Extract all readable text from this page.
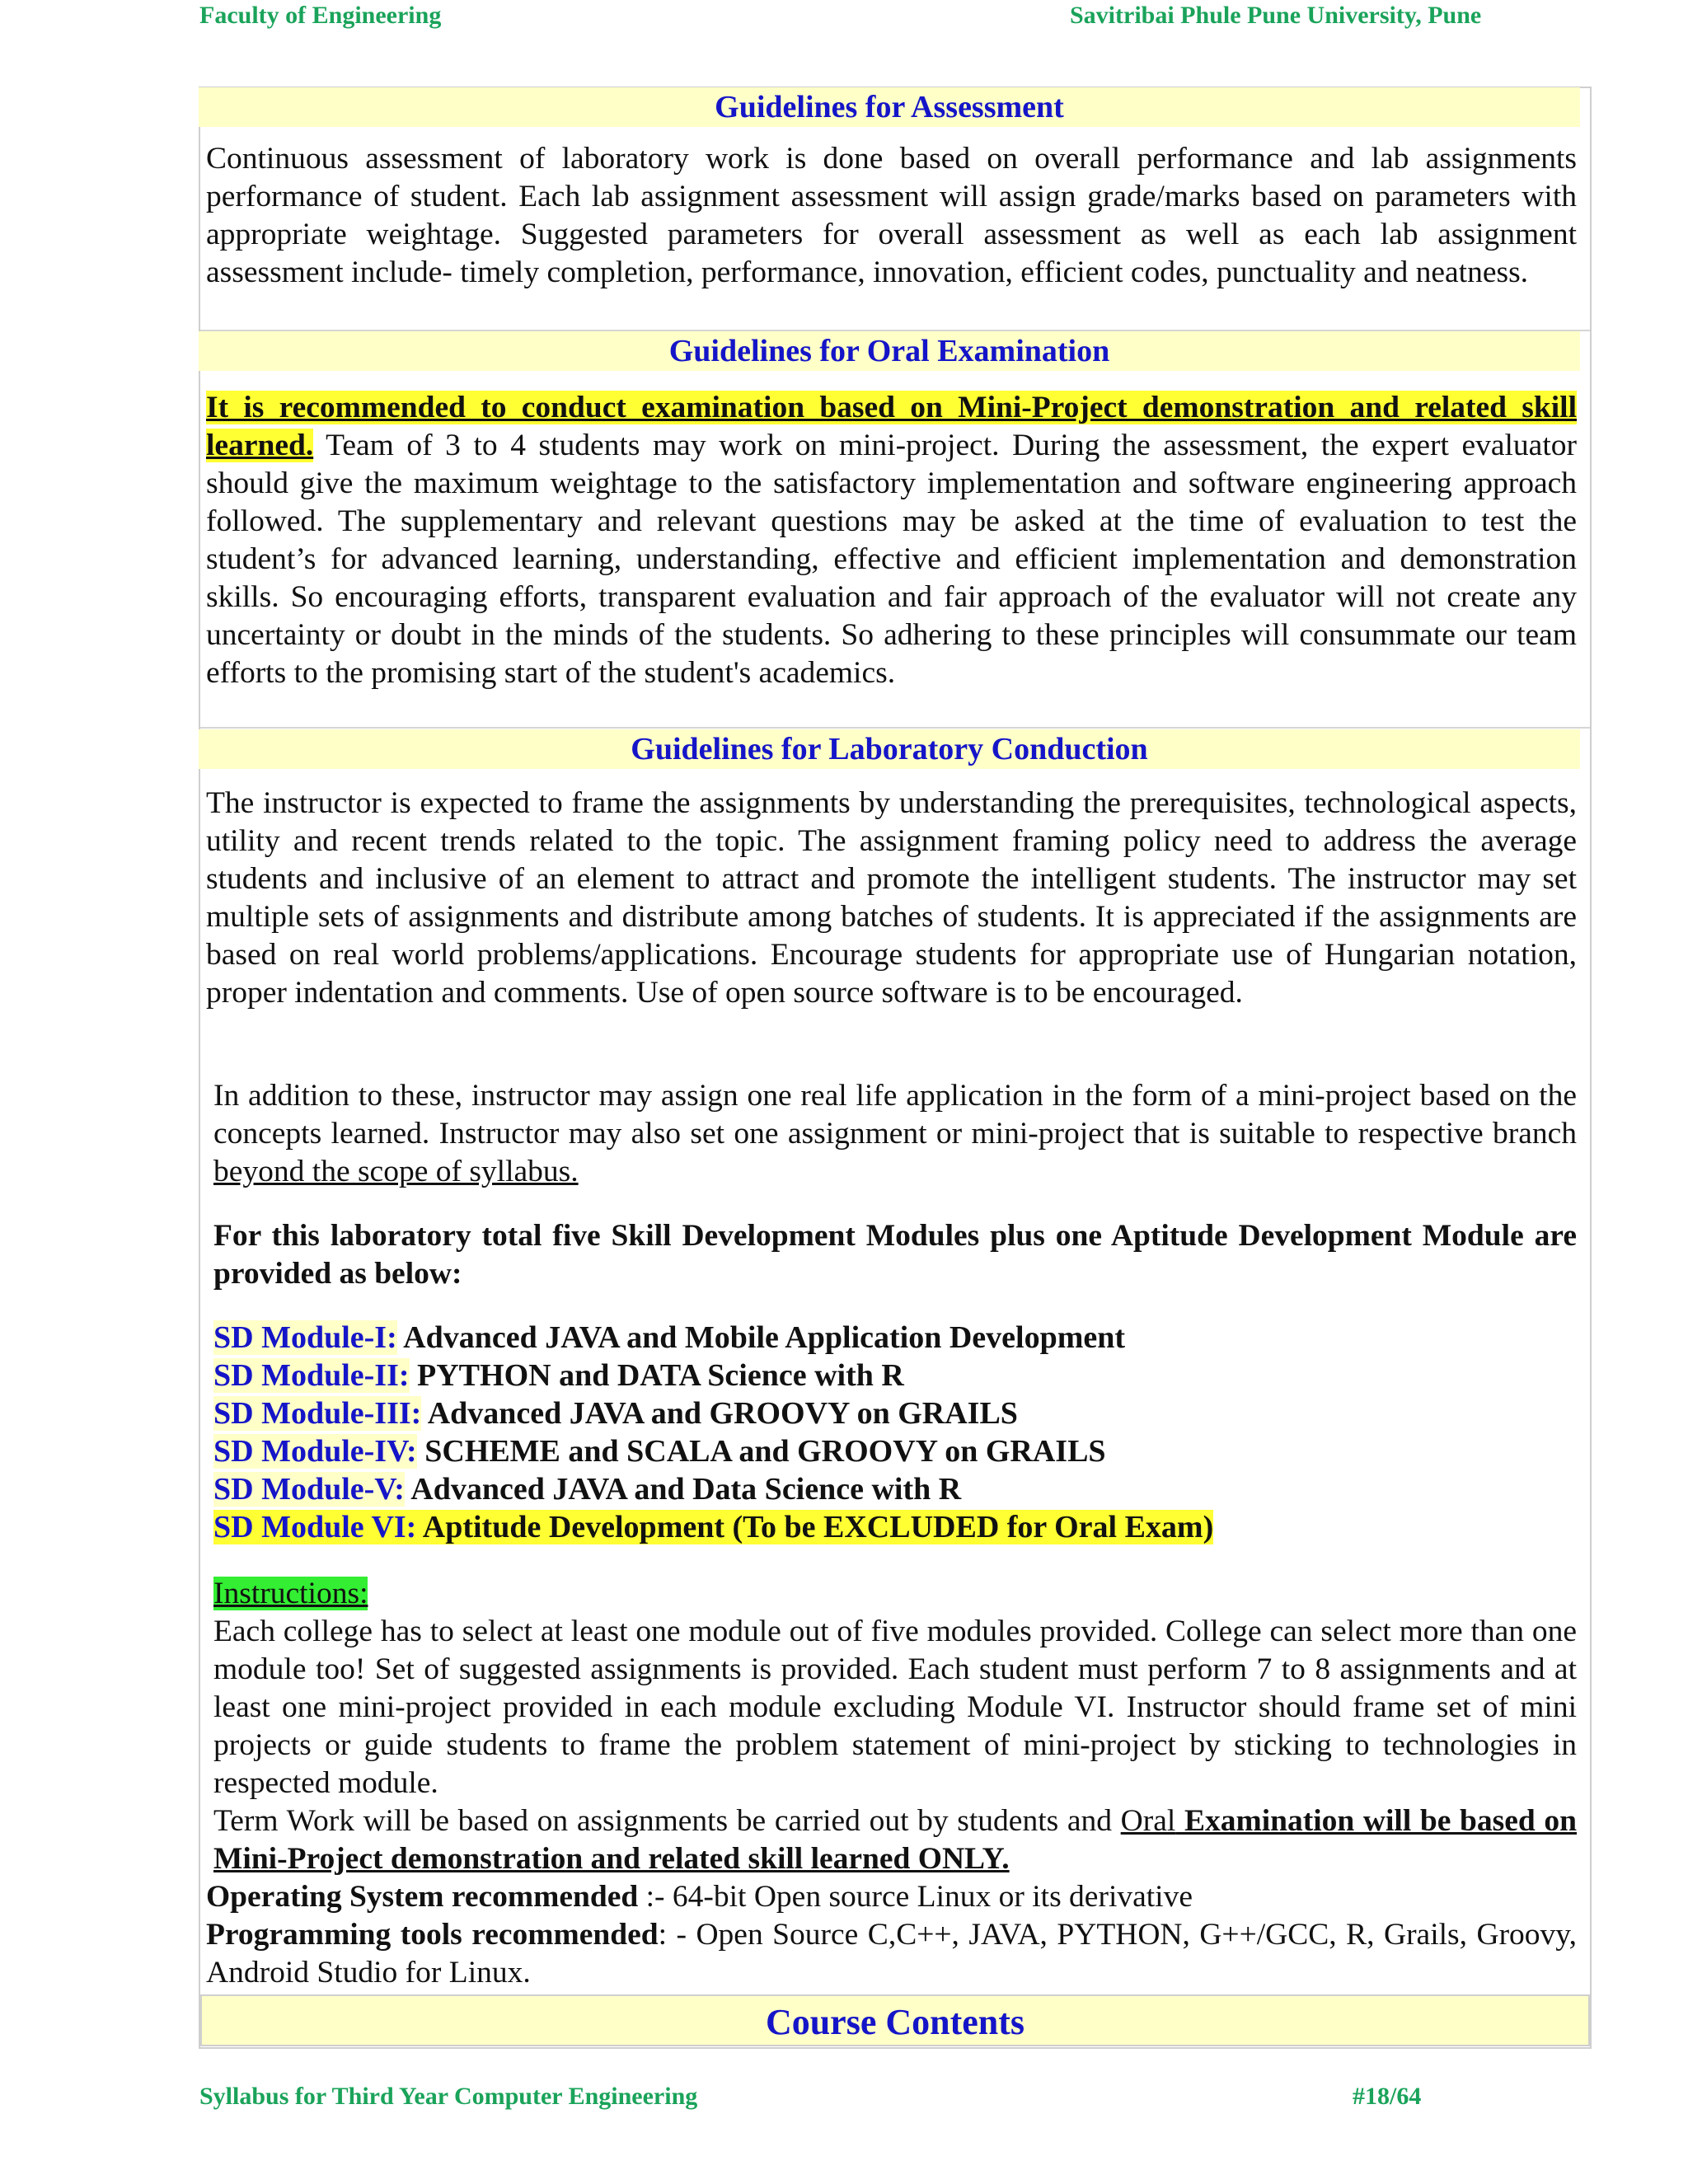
Faculty of Engineering	Savitribai Phule Pune University, Pune
Guidelines for Assessment

Continuous assessment of laboratory work is done based on overall performance and lab assignments performance of student. Each lab assignment assessment will assign grade/marks based on parameters with appropriate weightage. Suggested parameters for overall assessment as well as each lab assignment assessment include- timely completion, performance, innovation, efficient codes, punctuality and neatness.

Guidelines for Oral Examination

It is recommended to conduct examination based on Mini-Project demonstration and related skill learned. Team of 3 to 4 students may work on mini-project. During the assessment, the expert evaluator should give the maximum weightage to the satisfactory implementation and software engineering approach followed. The supplementary and relevant questions may be asked at the time of evaluation to test the student’s for advanced learning, understanding, effective and efficient implementation and demonstration skills. So encouraging efforts, transparent evaluation and fair approach of the evaluator will not create any uncertainty or doubt in the minds of the students. So adhering to these principles will consummate our team efforts to the promising start of the student's academics.

Guidelines for Laboratory Conduction

The instructor is expected to frame the assignments by understanding the prerequisites, technological aspects, utility and recent trends related to the topic. The assignment framing policy need to address the average students and inclusive of an element to attract and promote the intelligent students. The instructor may set multiple sets of assignments and distribute among batches of students. It is appreciated if the assignments are based on real world problems/applications. Encourage students for appropriate use of Hungarian notation, proper indentation and comments. Use of open source software is to be encouraged.

In addition to these, instructor may assign one real life application in the form of a mini-project based on the concepts learned. Instructor may also set one assignment or mini-project that is suitable to respective branch beyond the scope of syllabus.

For this laboratory total five Skill Development Modules plus one Aptitude Development Module are provided as below:

SD Module-I: Advanced JAVA and Mobile Application Development
SD Module-II: PYTHON and DATA Science with R
SD Module-III: Advanced JAVA and GROOVY on GRAILS
SD Module-IV: SCHEME and SCALA and GROOVY on GRAILS
SD Module-V: Advanced JAVA and Data Science with R
SD Module VI: Aptitude Development (To be EXCLUDED for Oral Exam)

Instructions:
Each college has to select at least one module out of five modules provided. College can select more than one module too! Set of suggested assignments is provided. Each student must perform 7 to 8 assignments and at least one mini-project provided in each module excluding Module VI. Instructor should frame set of mini projects or guide students to frame the problem statement of mini-project by sticking to technologies in respected module.
Term Work will be based on assignments be carried out by students and Oral Examination will be based on Mini-Project demonstration and related skill learned ONLY.

Operating System recommended :- 64-bit Open source Linux or its derivative

Programming tools recommended: - Open Source C,C++, JAVA, PYTHON, G++/GCC, R, Grails, Groovy, Android Studio for Linux.

Course Contents
Syllabus for Third Year Computer Engineering	#18/64
